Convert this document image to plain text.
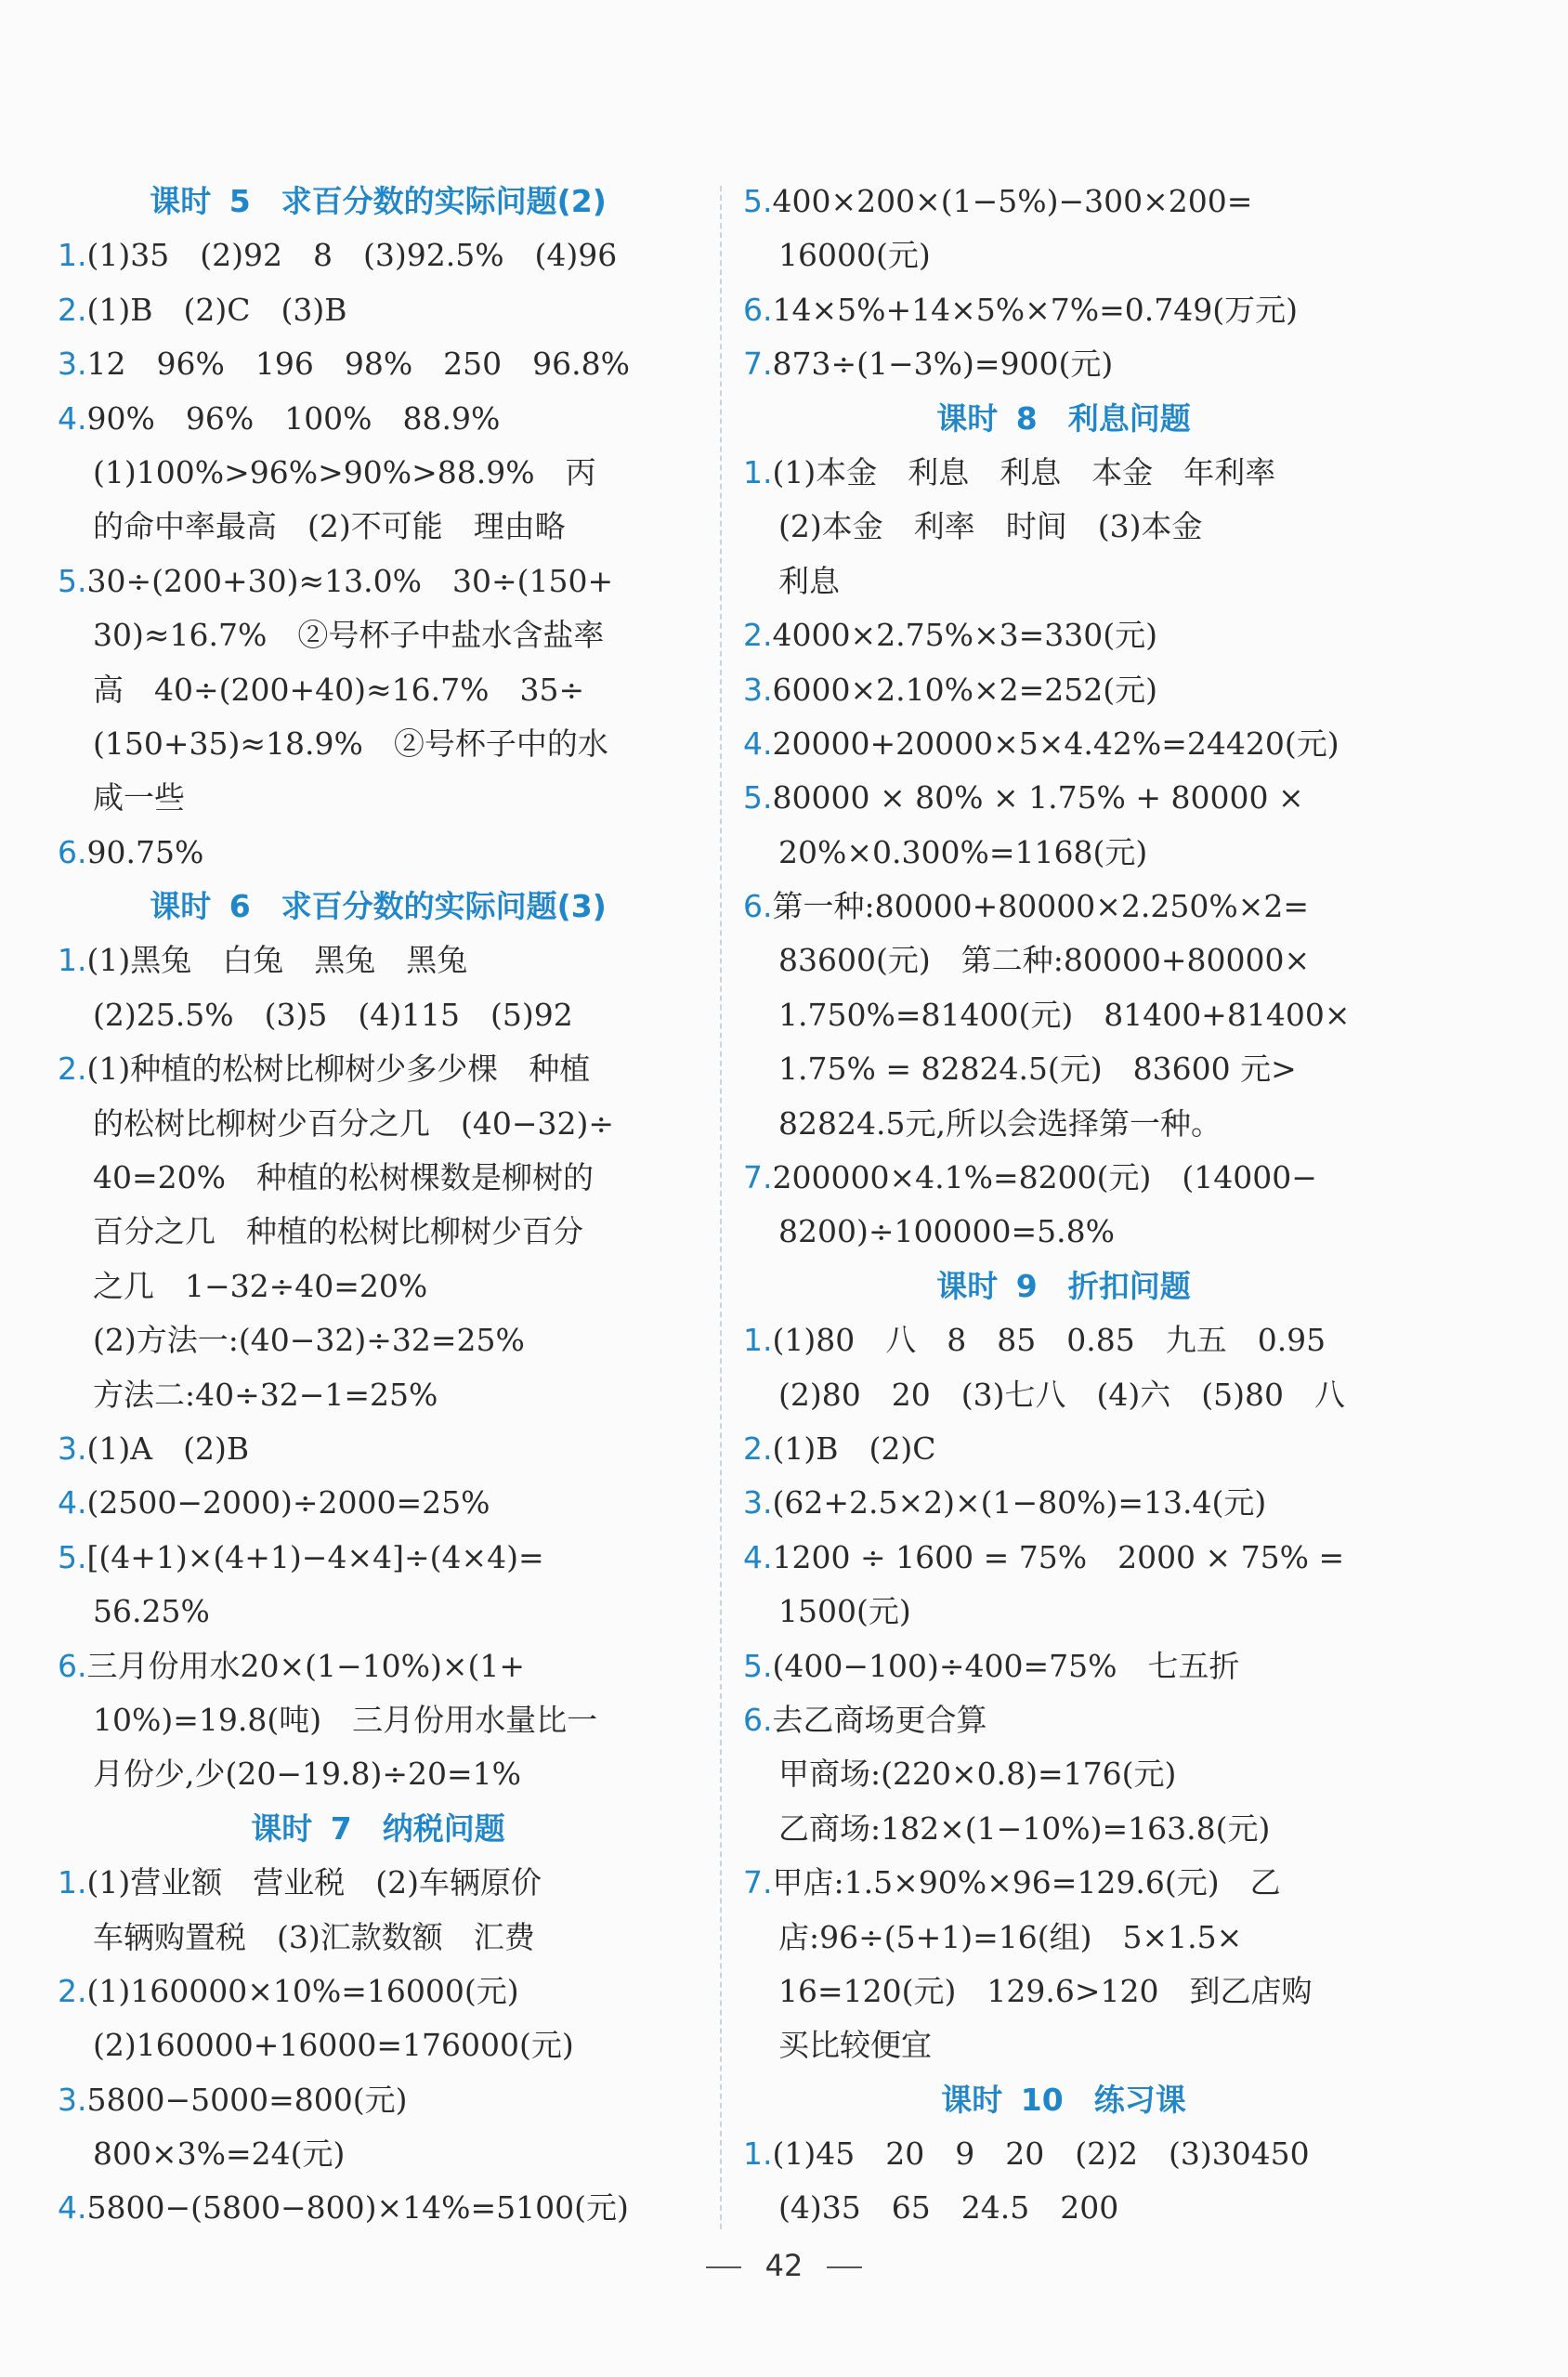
课时 5　求百分数的实际问题(2)
1.(1)35　(2)92　8　(3)92.5%　(4)96
2.(1)B　(2)C　(3)B
3.12　96%　196　98%　250　96.8%
4.90%　96%　100%　88.9%
(1)100%>96%>90%>88.9%　丙
的命中率最高　(2)不可能　理由略
5.30÷(200+30)≈13.0%　30÷(150+
30)≈16.7%　②号杯子中盐水含盐率
高　40÷(200+40)≈16.7%　35÷
(150+35)≈18.9%　②号杯子中的水
咸一些
6.90.75%
课时 6　求百分数的实际问题(3)
1.(1)黑兔　白兔　黑兔　黑兔
(2)25.5%　(3)5　(4)115　(5)92
2.(1)种植的松树比柳树少多少棵　种植
的松树比柳树少百分之几　(40−32)÷
40=20%　种植的松树棵数是柳树的
百分之几　种植的松树比柳树少百分
之几　1−32÷40=20%
(2)方法一:(40−32)÷32=25%
方法二:40÷32−1=25%
3.(1)A　(2)B
4.(2500−2000)÷2000=25%
5.[(4+1)×(4+1)−4×4]÷(4×4)=
56.25%
6.三月份用水20×(1−10%)×(1+
10%)=19.8(吨)　三月份用水量比一
月份少,少(20−19.8)÷20=1%
课时 7　纳税问题
1.(1)营业额　营业税　(2)车辆原价
车辆购置税　(3)汇款数额　汇费
2.(1)160000×10%=16000(元)
(2)160000+16000=176000(元)
3.5800−5000=800(元)
800×3%=24(元)
4.5800−(5800−800)×14%=5100(元)
5.400×200×(1−5%)−300×200=
16000(元)
6.14×5%+14×5%×7%=0.749(万元)
7.873÷(1−3%)=900(元)
课时 8　利息问题
1.(1)本金　利息　利息　本金　年利率
(2)本金　利率　时间　(3)本金
利息
2.4000×2.75%×3=330(元)
3.6000×2.10%×2=252(元)
4.20000+20000×5×4.42%=24420(元)
5.80000 × 80% × 1.75% + 80000 ×
20%×0.300%=1168(元)
6.第一种:80000+80000×2.250%×2=
83600(元)　第二种:80000+80000×
1.750%=81400(元)　81400+81400×
1.75% = 82824.5(元)　83600 元>
82824.5元,所以会选择第一种。
7.200000×4.1%=8200(元)　(14000−
8200)÷100000=5.8%
课时 9　折扣问题
1.(1)80　八　8　85　0.85　九五　0.95
(2)80　20　(3)七八　(4)六　(5)80　八
2.(1)B　(2)C
3.(62+2.5×2)×(1−80%)=13.4(元)
4.1200 ÷ 1600 = 75%　2000 × 75% =
1500(元)
5.(400−100)÷400=75%　七五折
6.去乙商场更合算
甲商场:(220×0.8)=176(元)
乙商场:182×(1−10%)=163.8(元)
7.甲店:1.5×90%×96=129.6(元)　乙
店:96÷(5+1)=16(组)　5×1.5×
16=120(元)　129.6>120　到乙店购
买比较便宜
课时 10　练习课
1.(1)45　20　9　20　(2)2　(3)30450
(4)35　65　24.5　200
42
